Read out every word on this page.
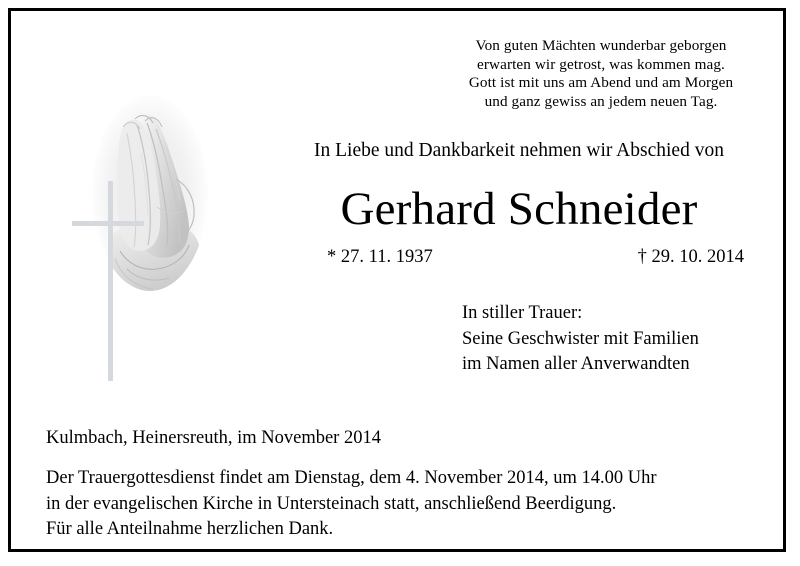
Von guten Mächten wunderbar geborgen
erwarten wir getrost, was kommen mag.
Gott ist mit uns am Abend und am Morgen
und ganz gewiss an jedem neuen Tag.
In Liebe und Dankbarkeit nehmen wir Abschied von
Gerhard Schneider
* 27. 11. 1937	† 29. 10. 2014
In stiller Trauer:
Seine Geschwister mit Familien
im Namen aller Anverwandten
Kulmbach, Heinersreuth, im November 2014
Der Trauergottesdienst findet am Dienstag, dem 4. November 2014, um 14.00 Uhr
in der evangelischen Kirche in Untersteinach statt, anschließend Beerdigung.
Für alle Anteilnahme herzlichen Dank.
